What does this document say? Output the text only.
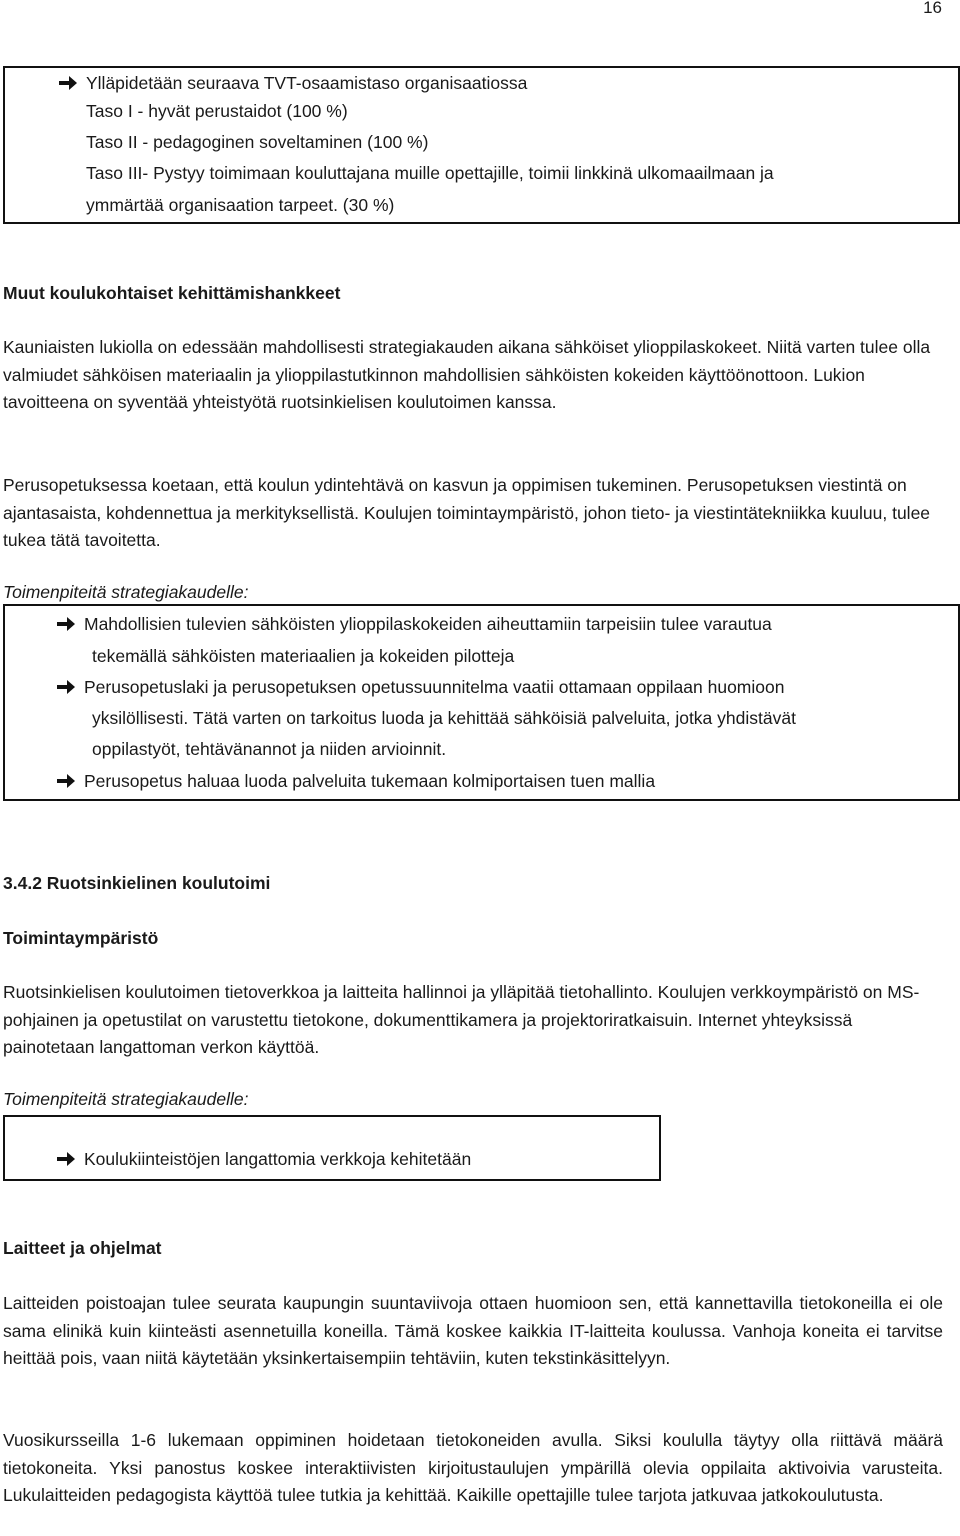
16
Ylläpidetään seuraava TVT-osaamistaso organisaatiossa
Taso I - hyvät perustaidot (100 %)
Taso II - pedagoginen soveltaminen (100 %)
Taso III- Pystyy toimimaan kouluttajana muille opettajille, toimii linkkinä ulkomaailmaan ja
ymmärtää organisaation tarpeet. (30 %)
Muut koulukohtaiset kehittämishankkeet
Kauniaisten lukiolla on edessään mahdollisesti strategiakauden aikana sähköiset ylioppilaskokeet. Niitä varten tulee olla valmiudet sähköisen materiaalin ja ylioppilastutkinnon mahdollisien sähköisten kokeiden käyttöönottoon. Lukion tavoitteena on syventää yhteistyötä ruotsinkielisen koulutoimen kanssa.
Perusopetuksessa koetaan, että koulun ydintehtävä on kasvun ja oppimisen tukeminen. Perusopetuksen viestintä on ajantasaista, kohdennettua ja merkityksellistä. Koulujen toimintaympäristö, johon tieto- ja viestintätekniikka kuuluu, tulee tukea tätä tavoitetta.
Toimenpiteitä strategiakaudelle:
Mahdollisien tulevien sähköisten ylioppilaskokeiden aiheuttamiin tarpeisiin tulee varautua
tekemällä sähköisten materiaalien ja kokeiden pilotteja
Perusopetuslaki ja perusopetuksen opetussuunnitelma vaatii ottamaan oppilaan huomioon
yksilöllisesti. Tätä varten on tarkoitus luoda ja kehittää sähköisiä palveluita, jotka yhdistävät
oppilastyöt, tehtävänannot ja niiden arvioinnit.
Perusopetus haluaa luoda palveluita tukemaan kolmiportaisen tuen mallia
3.4.2 Ruotsinkielinen koulutoimi
Toimintaympäristö
Ruotsinkielisen koulutoimen tietoverkkoa ja laitteita hallinnoi ja ylläpitää tietohallinto. Koulujen verkkoympäristö on MS-pohjainen ja opetustilat on varustettu tietokone, dokumenttikamera ja projektoriratkaisuin. Internet yhteyksissä painotetaan langattoman verkon käyttöä.
Toimenpiteitä strategiakaudelle:
Koulukiinteistöjen langattomia verkkoja kehitetään
Laitteet ja ohjelmat
Laitteiden poistoajan tulee seurata kaupungin suuntaviivoja ottaen huomioon sen, että kannettavilla tietokoneilla ei ole sama elinikä kuin kiinteästi asennetuilla koneilla. Tämä koskee kaikkia IT-laitteita koulussa. Vanhoja koneita ei tarvitse heittää pois, vaan niitä käytetään yksinkertaisempiin tehtäviin, kuten tekstinkäsittelyyn.
Vuosikursseilla 1-6 lukemaan oppiminen hoidetaan tietokoneiden avulla. Siksi koululla täytyy olla riittävä määrä tietokoneita. Yksi panostus koskee interaktiivisten kirjoitustaulujen ympärillä olevia oppilaita aktivoivia varusteita. Lukulaitteiden pedagogista käyttöä tulee tutkia ja kehittää. Kaikille opettajille tulee tarjota jatkuvaa jatkokoulutusta.
